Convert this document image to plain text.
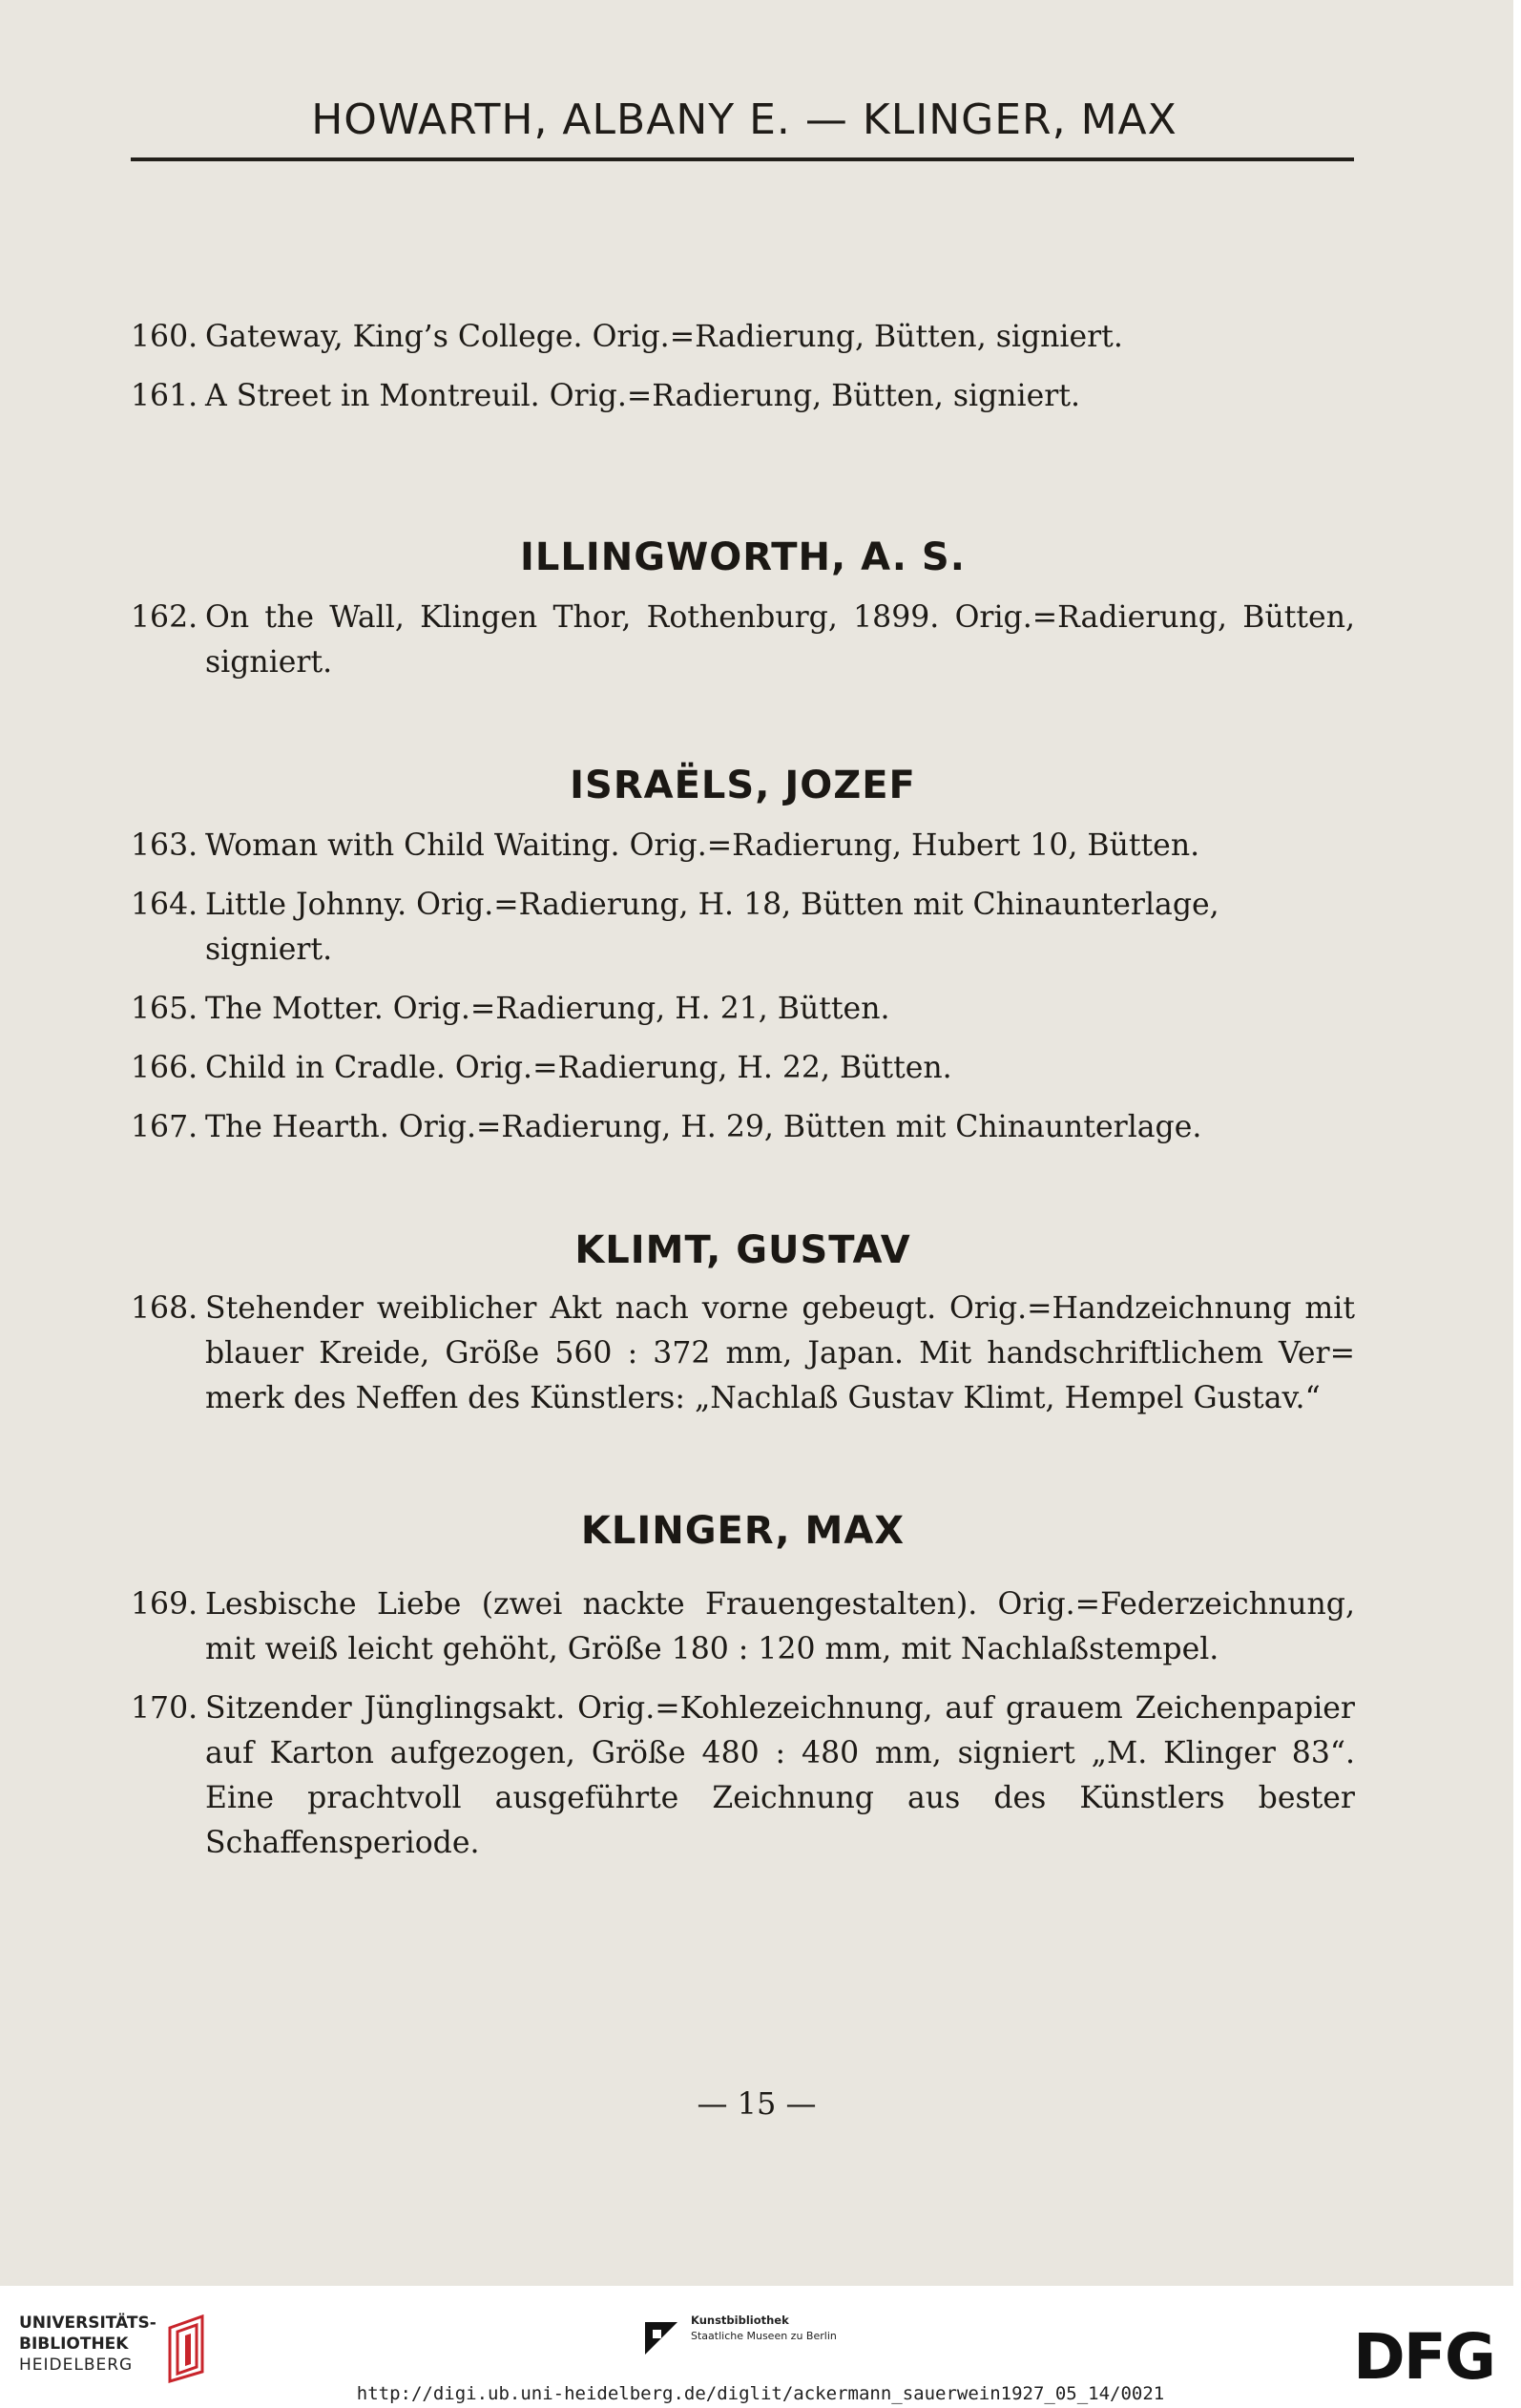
HOWARTH, ALBANY E. — KLINGER, MAX

160. Gateway, King’s College. Orig.=Radierung, Bütten, signiert.

161. A Street in Montreuil. Orig.=Radierung, Bütten, signiert.

ILLINGWORTH, A. S.

162. On the Wall, Klingen Thor, Rothenburg, 1899. Orig.=Radierung, Bütten, signiert.

ISRAËLS, JOZEF

163. Woman with Child Waiting. Orig.=Radierung, Hubert 10, Bütten.

164. Little Johnny. Orig.=Radierung, H. 18, Bütten mit Chinaunterlage, signiert.

165. The Motter. Orig.=Radierung, H. 21, Bütten.

166. Child in Cradle. Orig.=Radierung, H. 22, Bütten.

167. The Hearth. Orig.=Radierung, H. 29, Bütten mit Chinaunterlage.

KLIMT, GUSTAV

168. Stehender weiblicher Akt nach vorne gebeugt. Orig.=Handzeichnung mit blauer Kreide, Größe 560 : 372 mm, Japan. Mit handschriftlichem Ver= merk des Neffen des Künstlers: „Nachlaß Gustav Klimt, Hempel Gustav.“

KLINGER, MAX

169. Lesbische Liebe (zwei nackte Frauengestalten). Orig.=Federzeichnung, mit weiß leicht gehöht, Größe 180 : 120 mm, mit Nachlaßstempel.

170. Sitzender Jünglingsakt. Orig.=Kohlezeichnung, auf grauem Zeichenpapier auf Karton aufgezogen, Größe 480 : 480 mm, signiert „M. Klinger 83“. Eine prachtvoll ausgeführte Zeichnung aus des Künstlers bester Schaffensperiode.

— 15 —
UNIVERSITÄTS-
BIBLIOTHEK
HEIDELBERG
Kunstbibliothek
Staatliche Museen zu Berlin	DFG
http://digi.ub.uni-heidelberg.de/diglit/ackermann_sauerwein1927_05_14/0021
